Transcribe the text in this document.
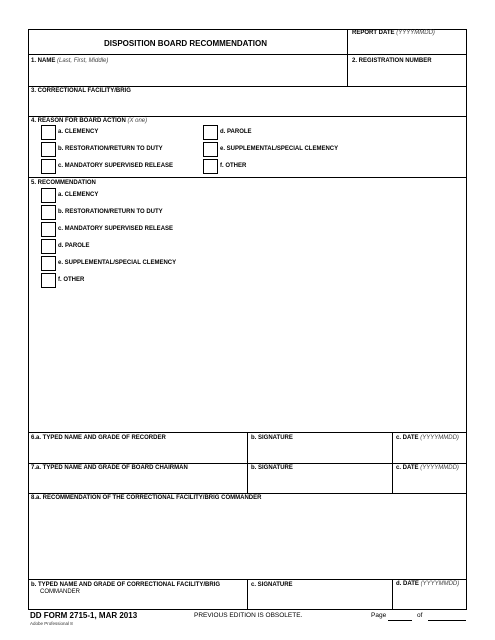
DISPOSITION BOARD RECOMMENDATION
REPORT DATE (YYYYMMDD)
1. NAME (Last, First, Middle)	2. REGISTRATION NUMBER
3. CORRECTIONAL FACILITY/BRIG
4. REASON FOR BOARD ACTION (X one)
a. CLEMENCY
b. RESTORATION/RETURN TO DUTY
c. MANDATORY SUPERVISED RELEASE
d. PAROLE
e. SUPPLEMENTAL/SPECIAL CLEMENCY
f. OTHER
5. RECOMMENDATION
a. CLEMENCY
b. RESTORATION/RETURN TO DUTY
c. MANDATORY SUPERVISED RELEASE
d. PAROLE
e. SUPPLEMENTAL/SPECIAL CLEMENCY
f. OTHER
6.a. TYPED NAME AND GRADE OF RECORDER	b. SIGNATURE	c. DATE (YYYYMMDD)
7.a. TYPED NAME AND GRADE OF BOARD CHAIRMAN	b. SIGNATURE	c. DATE (YYYYMMDD)
8.a. RECOMMENDATION OF THE CORRECTIONAL FACILITY/BRIG COMMANDER
b. TYPED NAME AND GRADE OF CORRECTIONAL FACILITY/BRIG
COMMANDER
c. SIGNATURE	d. DATE (YYYYMMDD)
DD FORM 2715-1, MAR 2013
Adobe Professional 8
PREVIOUS EDITION IS OBSOLETE.	Page	of
